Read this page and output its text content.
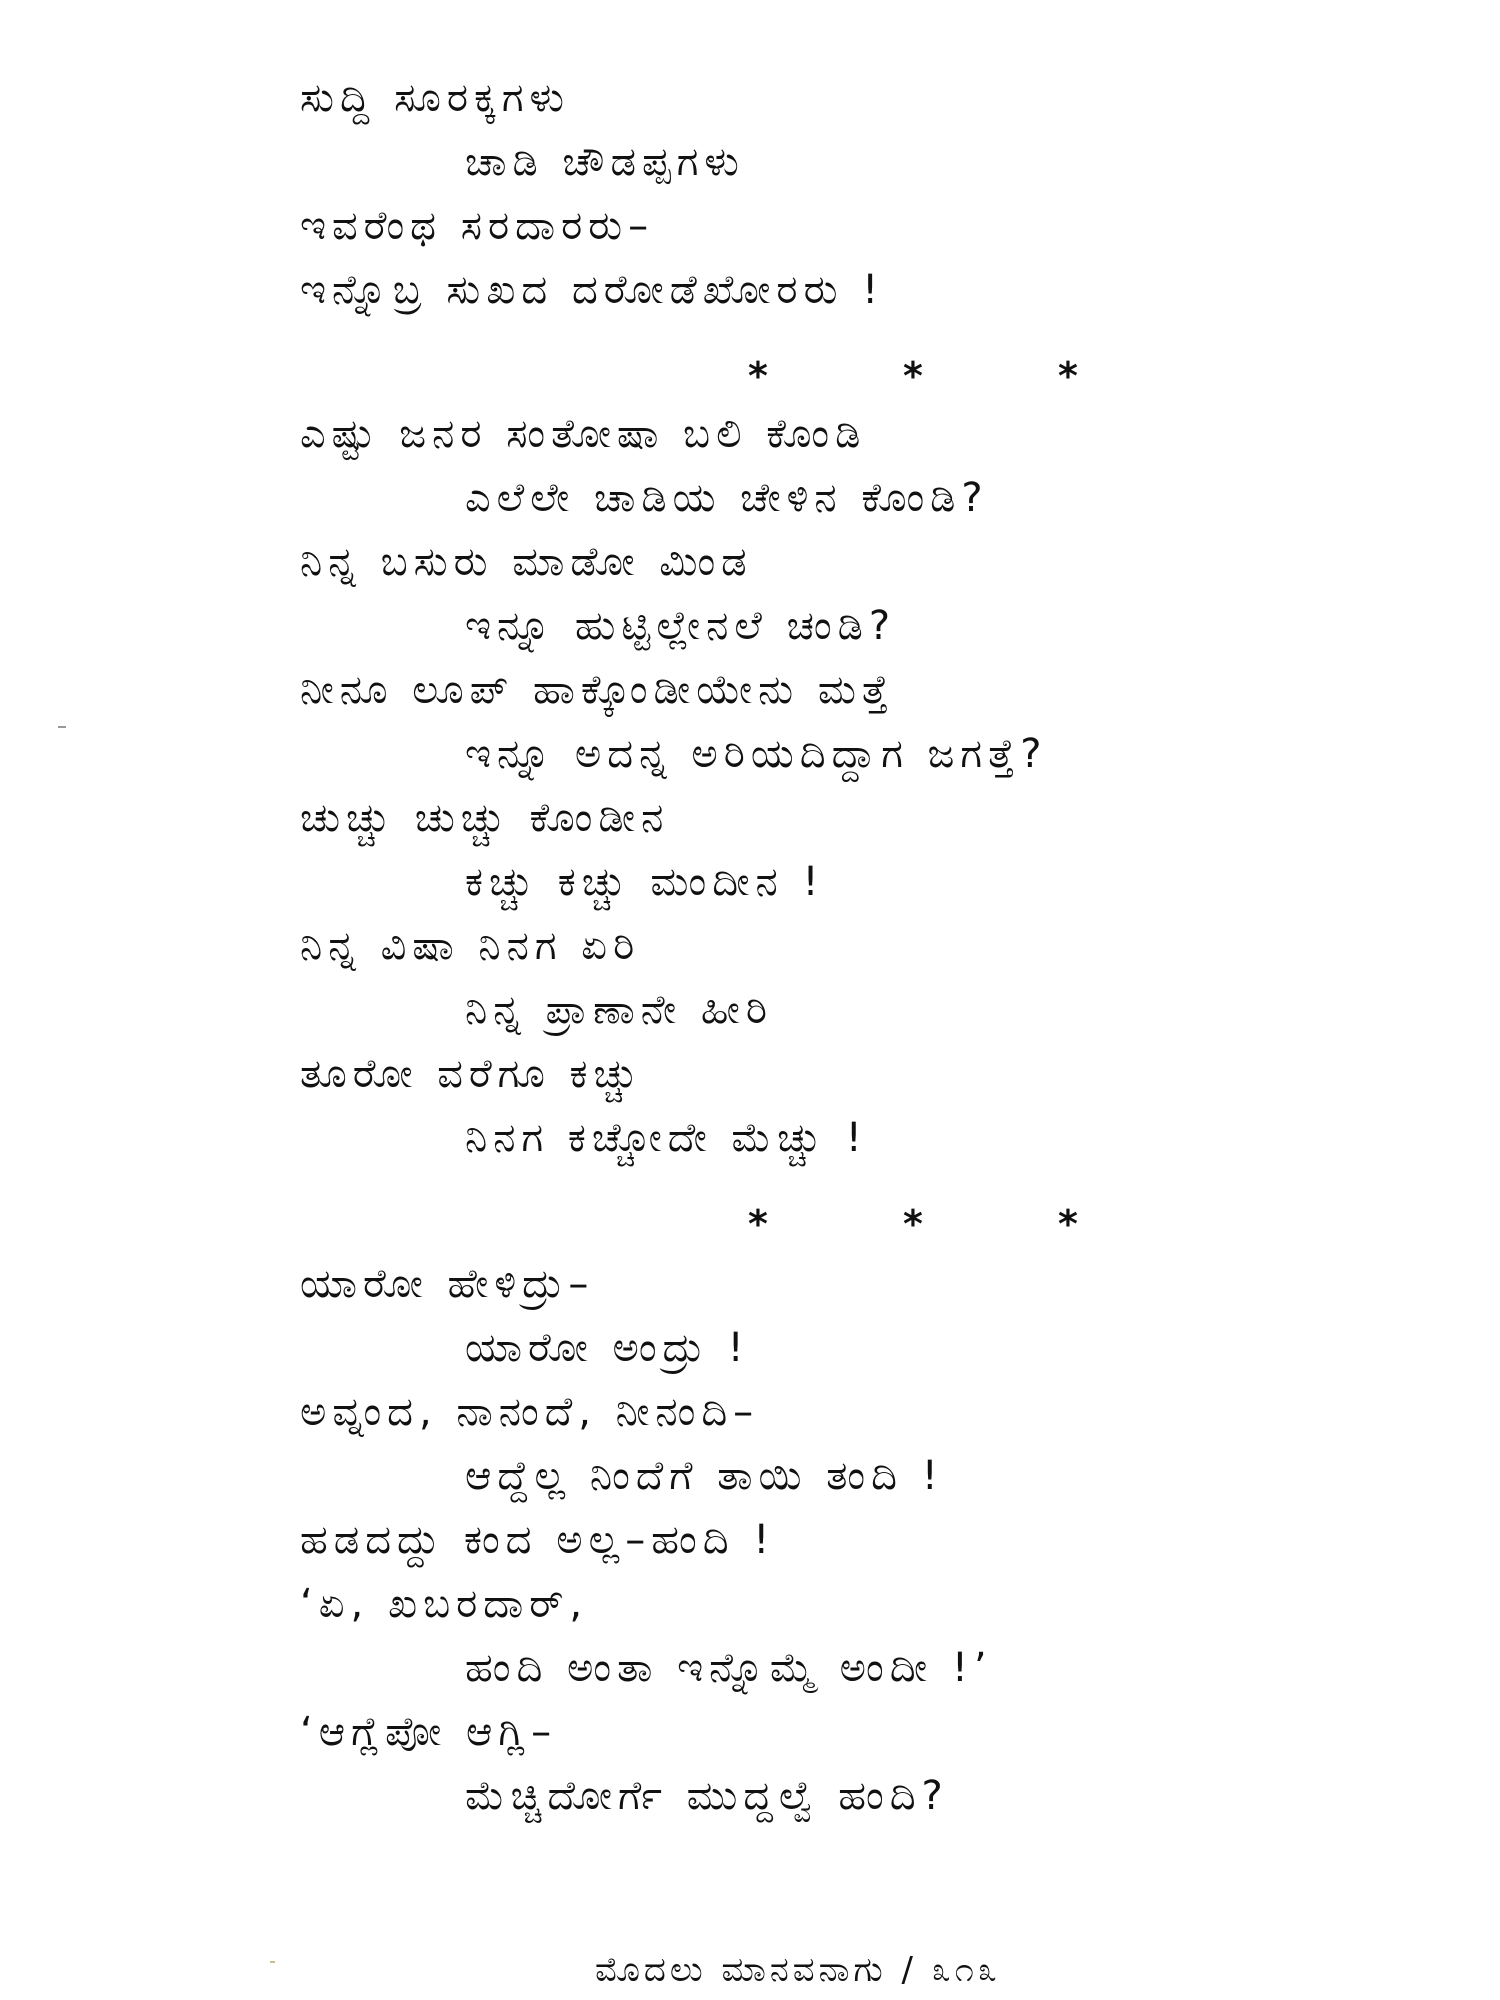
ಸುದ್ದಿ ಸೂರಕ್ಕಗಳು
ಚಾಡಿ ಚೌಡಪ್ಪಗಳು
ಇವರೆಂಥ ಸರದಾರರು–
ಇನ್ನೊಬ್ರ ಸುಖದ ದರೋಡೆಖೋರರು !
*	*	*
ಎಷ್ಟು ಜನರ ಸಂತೋಷಾ ಬಲಿ ಕೊಂಡಿ
ಎಲೆಲೇ ಚಾಡಿಯ ಚೇಳಿನ ಕೊಂಡಿ?
ನಿನ್ನ ಬಸುರು ಮಾಡೋ ಮಿಂಡ
ಇನ್ನೂ ಹುಟ್ಟಿಲ್ಲೇನಲೆ ಚಂಡಿ?
ನೀನೂ ಲೂಪ್ ಹಾಕ್ಕೊಂಡೀಯೇನು ಮತ್ತೆ
ಇನ್ನೂ ಅದನ್ನ ಅರಿಯದಿದ್ದಾಗ ಜಗತ್ತೆ?
ಚುಚ್ಚು ಚುಚ್ಚು ಕೊಂಡೀನ
ಕಚ್ಚು ಕಚ್ಚು ಮಂದೀನ !
ನಿನ್ನ ವಿಷಾ ನಿನಗ ಏರಿ
ನಿನ್ನ ಪ್ರಾಣಾನೇ ಹೀರಿ
ತೂರೋ ವರೆಗೂ ಕಚ್ಚು
ನಿನಗ ಕಚ್ಚೋದೇ ಮೆಚ್ಚು !
*	*	*
ಯಾರೋ ಹೇಳಿದ್ರು–
ಯಾರೋ ಅಂದ್ರು !
ಅವ್ನಂದ, ನಾನಂದೆ, ನೀನಂದಿ–
ಆದ್ದೆಲ್ಲ ನಿಂದೆಗೆ ತಾಯಿ ತಂದಿ !
ಹಡದದ್ದು ಕಂದ ಅಲ್ಲ–ಹಂದಿ !
‘ಏ, ಖಬರದಾರ್,
ಹಂದಿ ಅಂತಾ ಇನ್ನೊಮ್ಮೆ ಅಂದೀ !’
‘ಆಗ್ಲೆಪೋ ಆಗ್ಲಿ–
ಮೆಚ್ಚಿದೋರ್ಗೆ ಮುದ್ದಲ್ವೆ ಹಂದಿ?
ಮೊದಲು ಮಾನವನಾಗು / ೩೧೩
